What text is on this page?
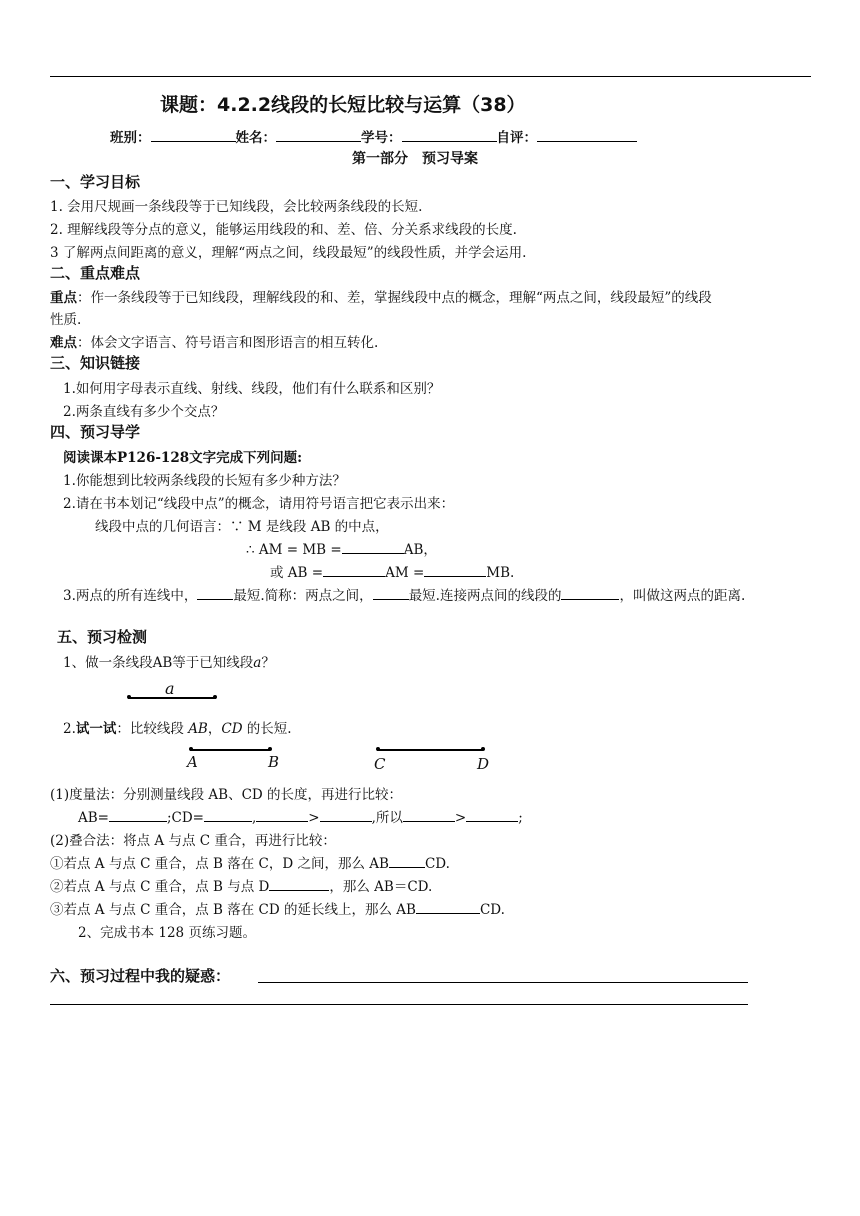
课题：4.2.2线段的长短比较与运算（38）
班别：	姓名：	学号：	自评：
第一部分　预习导案
一、学习目标
1. 会用尺规画一条线段等于已知线段，会比较两条线段的长短.
2. 理解线段等分点的意义，能够运用线段的和、差、倍、分关系求线段的长度.
3 了解两点间距离的意义，理解“两点之间，线段最短”的线段性质，并学会运用.
二、重点难点
重点：作一条线段等于已知线段，理解线段的和、差，掌握线段中点的概念，理解“两点之间，线段最短”的线段
性质.
难点：体会文字语言、符号语言和图形语言的相互转化.
三、知识链接
1.如何用字母表示直线、射线、线段，他们有什么联系和区别？
2.两条直线有多少个交点？
四、预习导学
阅读课本P126-128文字完成下列问题:
1.你能想到比较两条线段的长短有多少种方法？
2.请在书本划记“线段中点”的概念，请用符号语言把它表示出来：
线段中点的几何语言：∵ M 是线段 AB 的中点，
∴ AM = MB =	AB，
或 AB =	AM =	MB.
3.两点的所有连线中，	最短.简称：两点之间，	最短.连接两点间的线段的	，叫做这两点的距离.
五、预习检测
1、做一条线段AB等于已知线段a？
a
2.试一试：比较线段 AB，CD 的长短.
A	B	C	D
(1)度量法：分别测量线段 AB、CD 的长度，再进行比较：
AB=	;CD=	,	>	,所以	>	;
(2)叠合法：将点 A 与点 C 重合，再进行比较：
①若点 A 与点 C 重合，点 B 落在 C，D 之间，那么 AB	CD.
②若点 A 与点 C 重合，点 B 与点 D	，那么 AB＝CD.
③若点 A 与点 C 重合，点 B 落在 CD 的延长线上，那么 AB	CD.
2、完成书本 128 页练习题。
六、预习过程中我的疑惑：
